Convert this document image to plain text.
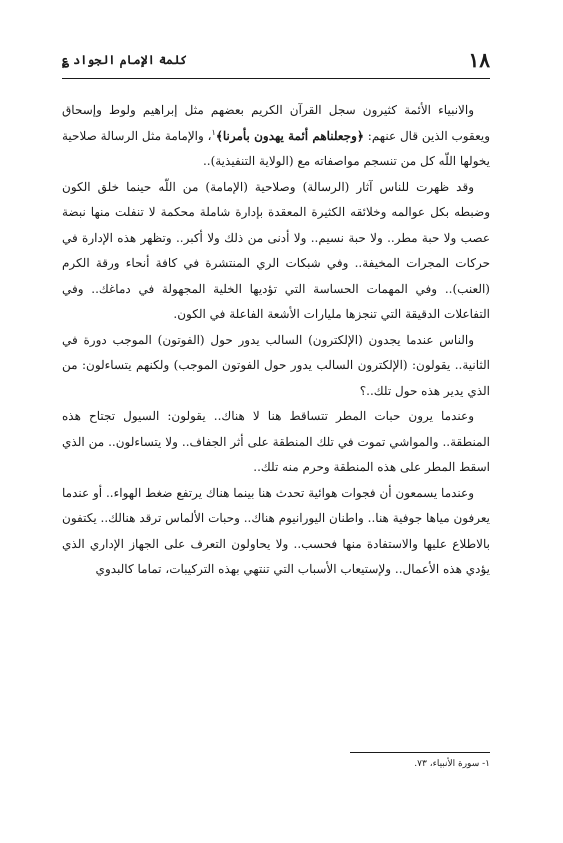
١٨
كلمة الإمام الجواد ؏

والانبياء الأئمة كثيرون سجل القرآن الكريم بعضهم مثل إبراهيم ولوط وإسحاق ويعقوب الذين قال عنهم: ﴿وجعلناهم أئمة يهدون بأمرنا﴾$^١$، والإمامة مثل الرسالة صلاحية يخولها اللّه كل من تنسجم مواصفاته مع (الولاية التنفيذية)..

وقد ظهرت للناس آثار (الرسالة) وصلاحية (الإمامة) من اللّه حينما خلق الكون وضبطه بكل عوالمه وخلائقه الكثيرة المعقدة بإدارة شاملة محكمة لا تنفلت منها نبضة عصب ولا حبة مطر.. ولا حبة نسيم.. ولا أدنى من ذلك ولا أكبر.. وتظهر هذه الإدارة في حركات المجرات المخيفة.. وفي شبكات الري المنتشرة في كافة أنحاء ورقة الكرم (العنب).. وفي المهمات الحساسة التي تؤديها الخلية المجهولة في دماغك.. وفي التفاعلات الدقيقة التي تنجزها مليارات الأشعة الفاعلة في الكون.

والناس عندما يجدون (الإلكترون) السالب يدور حول (الفوتون) الموجب دورة في الثانية.. يقولون: (الإلكترون السالب يدور حول الفوتون الموجب) ولكنهم يتساءلون: من الذي يدير هذه حول تلك..؟

وعندما يرون حبات المطر تتساقط هنا لا هناك.. يقولون: السيول تجتاح هذه المنطقة.. والمواشي تموت في تلك المنطقة على أثر الجفاف.. ولا يتساءلون.. من الذي اسقط المطر على هذه المنطقة وحرم منه تلك..

وعندما يسمعون أن فجوات هوائية تحدث هنا بينما هناك يرتفع ضغط الهواء.. أو عندما يعرفون مياها جوفية هنا.. واطنان اليورانيوم هناك.. وحبات الألماس ترقد هنالك.. يكتفون بالاطلاع عليها والاستفادة منها فحسب.. ولا يحاولون التعرف على الجهاز الإداري الذي يؤدي هذه الأعمال.. ولإستيعاب الأسباب التي تنتهي بهذه التركيبات، تماما كالبدوي

١- سورة الأنبياء، ٧٣.
